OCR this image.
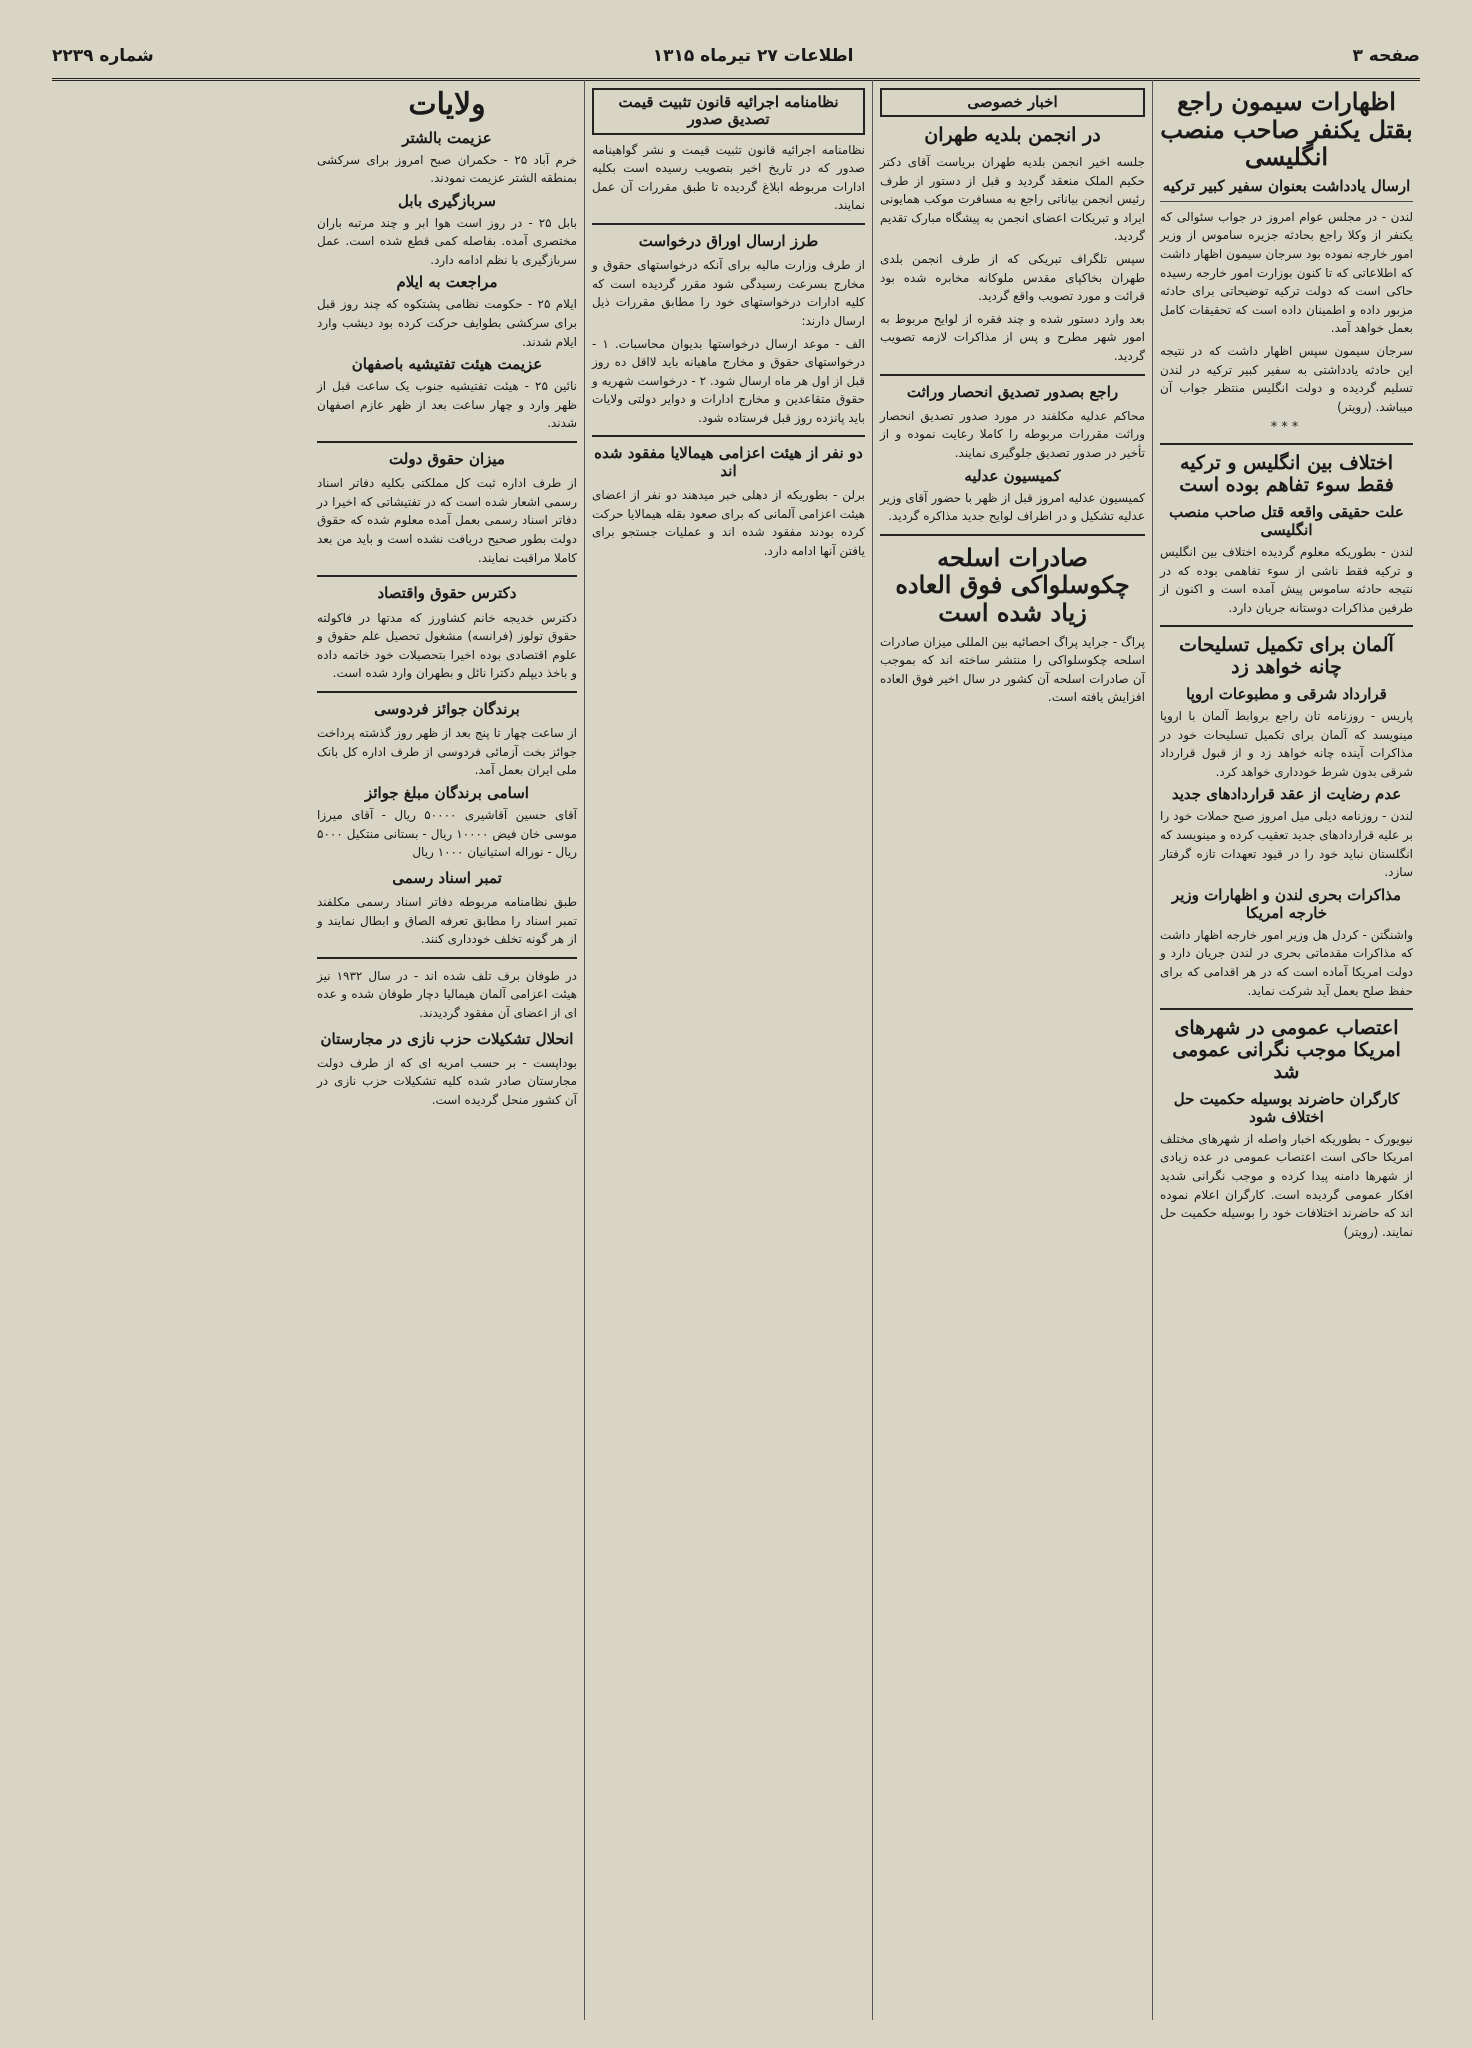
صفحه ۳
اطلاعات ۲۷ تیرماه ۱۳۱۵
شماره ۲۲۳۹
اظهارات سیمون راجع بقتل یکنفر صاحب منصب انگلیسی
ارسال یادداشت بعنوان سفیر کبیر ترکیه

لندن - در مجلس عوام امروز در جواب سئوالی که یکنفر از وکلا راجع بحادثه جزیره ساموس از وزیر امور خارجه نموده بود سرجان سیمون اظهار داشت که اطلاعاتی که تا کنون بوزارت امور خارجه رسیده حاکی است که دولت ترکیه توضیحاتی برای حادثه مزبور داده و اطمینان داده است که تحقیقات کامل بعمل خواهد آمد.

سرجان سیمون سپس اظهار داشت که در نتیجه این حادثه یادداشتی به سفیر کبیر ترکیه در لندن تسلیم گردیده و دولت انگلیس منتظر جواب آن میباشد. (رویتر)

***
اختلاف بین انگلیس و ترکیه فقط سوء تفاهم بوده است
علت حقیقی واقعه قتل صاحب منصب انگلیسی

لندن - بطوریکه معلوم گردیده اختلاف بین انگلیس و ترکیه فقط ناشی از سوء تفاهمی بوده که در نتیجه حادثه ساموس پیش آمده است و اکنون از طرفین مذاکرات دوستانه جریان دارد.

آلمان برای تکمیل تسلیحات چانه خواهد زد
قرارداد شرقی و مطبوعات اروپا

پاریس - روزنامه تان راجع بروابط آلمان با اروپا مینویسد که آلمان برای تکمیل تسلیحات خود در مذاکرات آینده چانه خواهد زد و از قبول قرارداد شرقی بدون شرط خودداری خواهد کرد.

عدم رضایت از عقد قراردادهای جدید

لندن - روزنامه دیلی میل امروز صبح حملات خود را بر علیه قراردادهای جدید تعقیب کرده و مینویسد که انگلستان نباید خود را در قیود تعهدات تازه گرفتار سازد.

مذاکرات بحری لندن و اظهارات وزیر خارجه امریکا

واشنگتن - کردل هل وزیر امور خارجه اظهار داشت که مذاکرات مقدماتی بحری در لندن جریان دارد و دولت امریکا آماده است که در هر اقدامی که برای حفظ صلح بعمل آید شرکت نماید.

اعتصاب عمومی در شهرهای امریکا موجب نگرانی عمومی شد
کارگران حاضرند بوسیله حکمیت حل اختلاف شود

نیویورک - بطوریکه اخبار واصله از شهرهای مختلف امریکا حاکی است اعتصاب عمومی در عده زیادی از شهرها دامنه پیدا کرده و موجب نگرانی شدید افکار عمومی گردیده است. کارگران اعلام نموده اند که حاضرند اختلافات خود را بوسیله حکمیت حل نمایند. (رویتر)

اخبار خصوصی
در انجمن بلدیه طهران

جلسه اخیر انجمن بلدیه طهران بریاست آقای دکتر حکیم الملک منعقد گردید و قبل از دستور از طرف رئیس انجمن بیاناتی راجع به مسافرت موکب همایونی ایراد و تبریکات اعضای انجمن به پیشگاه مبارک تقدیم گردید.

سپس تلگراف تبریکی که از طرف انجمن بلدی طهران بخاکپای مقدس ملوکانه مخابره شده بود قرائت و مورد تصویب واقع گردید.

بعد وارد دستور شده و چند فقره از لوایح مربوط به امور شهر مطرح و پس از مذاکرات لازمه تصویب گردید.

راجع بصدور تصدیق انحصار وراثت

محاکم عدلیه مکلفند در مورد صدور تصدیق انحصار وراثت مقررات مربوطه را کاملا رعایت نموده و از تأخیر در صدور تصدیق جلوگیری نمایند.

کمیسیون عدلیه

کمیسیون عدلیه امروز قبل از ظهر با حضور آقای وزیر عدلیه تشکیل و در اطراف لوایح جدید مذاکره گردید.

صادرات اسلحه چکوسلواکی فوق العاده زیاد شده است

پراگ - جراید پراگ احصائیه بین المللی میزان صادرات اسلحه چکوسلواکی را منتشر ساخته اند که بموجب آن صادرات اسلحه آن کشور در سال اخیر فوق العاده افزایش یافته است.

نظامنامه اجرائیه قانون تثبیت قیمت تصدیق صدور

نظامنامه اجرائیه قانون تثبیت قیمت و نشر گواهینامه صدور که در تاریخ اخیر بتصویب رسیده است بکلیه ادارات مربوطه ابلاغ گردیده تا طبق مقررات آن عمل نمایند.

طرز ارسال اوراق درخواست

از طرف وزارت مالیه برای آنکه درخواستهای حقوق و مخارج بسرعت رسیدگی شود مقرر گردیده است که کلیه ادارات درخواستهای خود را مطابق مقررات ذیل ارسال دارند:

الف - موعد ارسال درخواستها بدیوان محاسبات. ۱ - درخواستهای حقوق و مخارج ماهیانه باید لااقل ده روز قبل از اول هر ماه ارسال شود. ۲ - درخواست شهریه و حقوق متقاعدین و مخارج ادارات و دوایر دولتی ولایات باید پانزده روز قبل فرستاده شود.

دو نفر از هیئت اعزامی هیمالایا مفقود شده اند

برلن - بطوریکه از دهلی خبر میدهند دو نفر از اعضای هیئت اعزامی آلمانی که برای صعود بقله هیمالایا حرکت کرده بودند مفقود شده اند و عملیات جستجو برای یافتن آنها ادامه دارد.

ولایات
عزیمت بالشتر

خرم آباد ۲۵ - حکمران صبح امروز برای سرکشی بمنطقه الشتر عزیمت نمودند.

سربازگیری بابل

بابل ۲۵ - در روز است هوا ابر و چند مرتبه باران مختصری آمده. بفاصله کمی قطع شده است. عمل سربازگیری با نظم ادامه دارد.

مراجعت به ایلام

ایلام ۲۵ - حکومت نظامی پشتکوه که چند روز قبل برای سرکشی بطوایف حرکت کرده بود دیشب وارد ایلام شدند.

عزیمت هیئت تفتیشیه باصفهان

نائین ۲۵ - هیئت تفتیشیه جنوب یک ساعت قبل از ظهر وارد و چهار ساعت بعد از ظهر عازم اصفهان شدند.

میزان حقوق دولت

از طرف اداره ثبت کل مملکتی بکلیه دفاتر اسناد رسمی اشعار شده است که در تفتیشاتی که اخیرا در دفاتر اسناد رسمی بعمل آمده معلوم شده که حقوق دولت بطور صحیح دریافت نشده است و باید من بعد کاملا مراقبت نمایند.

دکترس حقوق واقتصاد

دکترس خدیجه خانم کشاورز که مدتها در فاکولته حقوق تولوز (فرانسه) مشغول تحصیل علم حقوق و علوم اقتصادی بوده اخیرا بتحصیلات خود خاتمه داده و باخذ دیپلم دکترا نائل و بطهران وارد شده است.

برندگان جوائز فردوسی

از ساعت چهار تا پنج بعد از ظهر روز گذشته پرداخت جوائز بخت آزمائی فردوسی از طرف اداره کل بانک ملی ایران بعمل آمد.

اسامی برندگان مبلغ جوائز

آقای حسین آقاشیری ۵۰۰۰۰ ریال - آقای میرزا موسی خان فیض ۱۰۰۰۰ ریال - بستانی منتکیل ۵۰۰۰ ریال - نوراله استیانیان ۱۰۰۰ ریال

تمبر اسناد رسمی

طبق نظامنامه مربوطه دفاتر اسناد رسمی مکلفند تمبر اسناد را مطابق تعرفه الصاق و ابطال نمایند و از هر گونه تخلف خودداری کنند.

در طوفان برف تلف شده اند - در سال ۱۹۳۲ نیز هیئت اعزامی آلمان هیمالیا دچار طوفان شده و عده ای از اعضای آن مفقود گردیدند.

انحلال تشکیلات حزب نازی در مجارستان

بوداپست - بر حسب امریه ای که از طرف دولت مجارستان صادر شده کلیه تشکیلات حزب نازی در آن کشور منحل گردیده است.
